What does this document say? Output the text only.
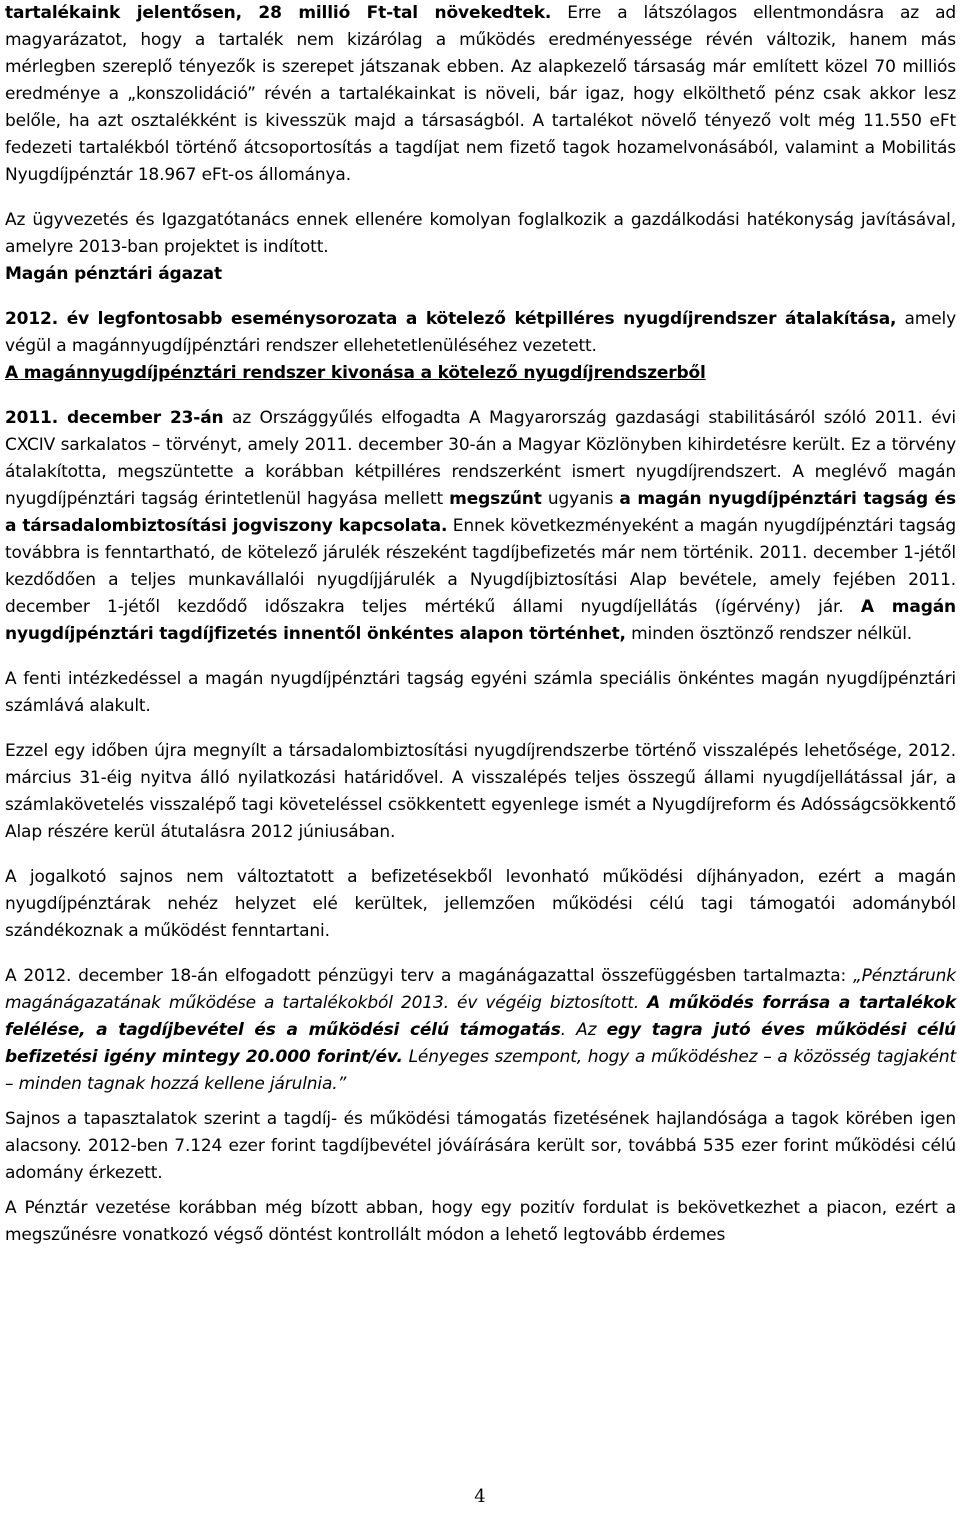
tartalékaink jelentősen, 28 millió Ft-tal növekedtek. Erre a látszólagos ellentmondásra az ad magyarázatot, hogy a tartalék nem kizárólag a működés eredményessége révén változik, hanem más mérlegben szereplő tényezők is szerepet játszanak ebben. Az alapkezelő társaság már említett közel 70 milliós eredménye a „konszolidáció” révén a tartalékainkat is növeli, bár igaz, hogy elkölthető pénz csak akkor lesz belőle, ha azt osztalékként is kivesszük majd a társaságból. A tartalékot növelő tényező volt még 11.550 eFt fedezeti tartalékból történő átcsoportosítás a tagdíjat nem fizető tagok hozamelvonásából, valamint a Mobilitás Nyugdíjpénztár 18.967 eFt-os állománya.

Az ügyvezetés és Igazgatótanács ennek ellenére komolyan foglalkozik a gazdálkodási hatékonyság javításával, amelyre 2013-ban projektet is indított.

Magán pénztári ágazat

2012. év legfontosabb eseménysorozata a kötelező kétpilléres nyugdíjrendszer átalakítása, amely végül a magánnyugdíjpénztári rendszer ellehetetlenüléséhez vezetett.

A magánnyugdíjpénztári rendszer kivonása a kötelező nyugdíjrendszerből

2011. december 23-án az Országgyűlés elfogadta A Magyarország gazdasági stabilitásáról szóló 2011. évi CXCIV sarkalatos – törvényt, amely 2011. december 30-án a Magyar Közlönyben kihirdetésre került. Ez a törvény átalakította, megszüntette a korábban kétpilléres rendszerként ismert nyugdíjrendszert. A meglévő magán nyugdíjpénztári tagság érintetlenül hagyása mellett megszűnt ugyanis a magán nyugdíjpénztári tagság és a társadalombiztosítási jogviszony kapcsolata. Ennek következményeként a magán nyugdíjpénztári tagság továbbra is fenntartható, de kötelező járulék részeként tagdíjbefizetés már nem történik. 2011. december 1-jétől kezdődően a teljes munkavállalói nyugdíjjárulék a Nyugdíjbiztosítási Alap bevétele, amely fejében 2011. december 1-jétől kezdődő időszakra teljes mértékű állami nyugdíjellátás (ígérvény) jár. A magán nyugdíjpénztári tagdíjfizetés innentől önkéntes alapon történhet, minden ösztönző rendszer nélkül.

A fenti intézkedéssel a magán nyugdíjpénztári tagság egyéni számla speciális önkéntes magán nyugdíjpénztári számlává alakult.

Ezzel egy időben újra megnyílt a társadalombiztosítási nyugdíjrendszerbe történő visszalépés lehetősége, 2012. március 31-éig nyitva álló nyilatkozási határidővel. A visszalépés teljes összegű állami nyugdíjellátással jár, a számlakövetelés visszalépő tagi követeléssel csökkentett egyenlege ismét a Nyugdíjreform és Adósságcsökkentő Alap részére kerül átutalásra 2012 júniusában.

A jogalkotó sajnos nem változtatott a befizetésekből levonható működési díjhányadon, ezért a magán nyugdíjpénztárak nehéz helyzet elé kerültek, jellemzően működési célú tagi támogatói adományból szándékoznak a működést fenntartani.

A 2012. december 18-án elfogadott pénzügyi terv a magánágazattal összefüggésben tartalmazta: „Pénztárunk magánágazatának működése a tartalékokból 2013. év végéig biztosított. A működés forrása a tartalékok felélése, a tagdíjbevétel és a működési célú támogatás. Az egy tagra jutó éves működési célú befizetési igény mintegy 20.000 forint/év. Lényeges szempont, hogy a működéshez – a közösség tagjaként – minden tagnak hozzá kellene járulnia.”

Sajnos a tapasztalatok szerint a tagdíj- és működési támogatás fizetésének hajlandósága a tagok körében igen alacsony. 2012-ben 7.124 ezer forint tagdíjbevétel jóváírására került sor, továbbá 535 ezer forint működési célú adomány érkezett.

A Pénztár vezetése korábban még bízott abban, hogy egy pozitív fordulat is bekövetkezhet a piacon, ezért a megszűnésre vonatkozó végső döntést kontrollált módon a lehető legtovább érdemes

4
